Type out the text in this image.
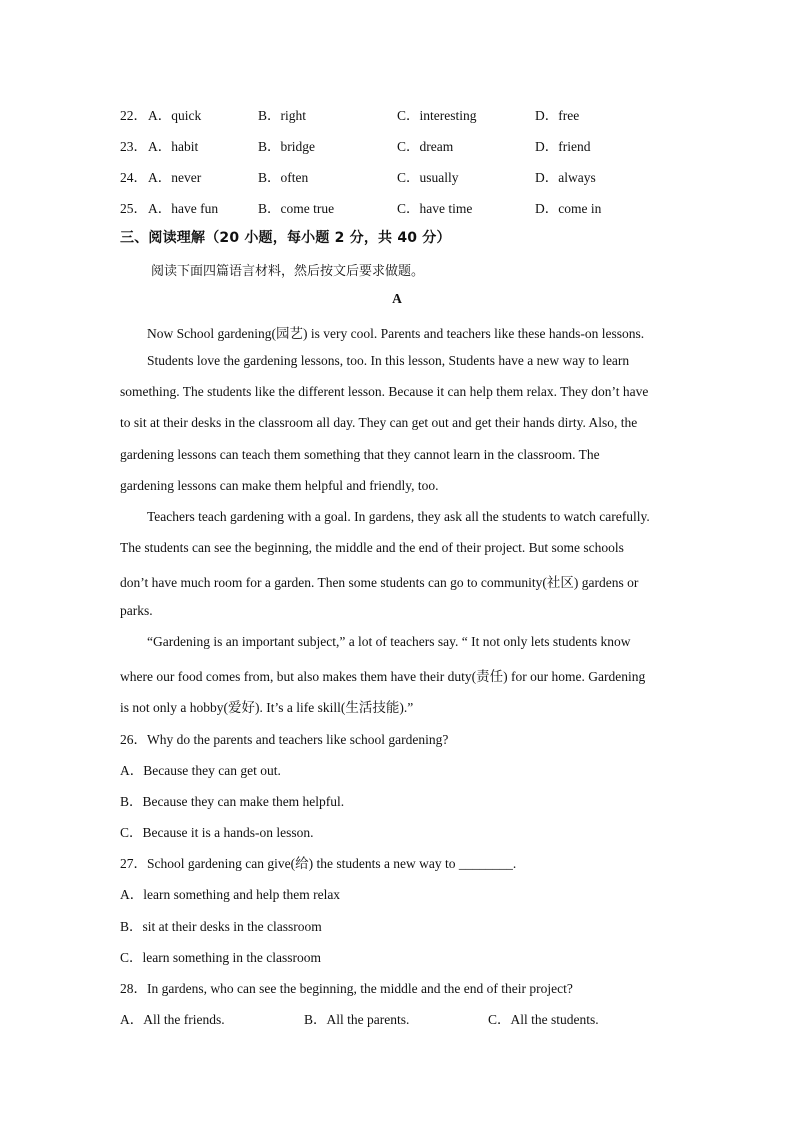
22． A．quick	B．right	C．interesting	D．free
23． A．habit	B．bridge	C．dream	D．friend
24． A．never	B．often	C．usually	D．always
25． A．have fun	B．come true	C．have time	D．come in
三、阅读理解（20 小题，每小题 2 分，共 40 分）
阅读下面四篇语言材料，然后按文后要求做题。
A
Now School gardening(园艺) is very cool. Parents and teachers like these hands-on lessons.
Students love the gardening lessons, too. In this lesson, Students have a new way to learn
something. The students like the different lesson. Because it can help them relax. They don’t have
to sit at their desks in the classroom all day. They can get out and get their hands dirty. Also, the
gardening lessons can teach them something that they cannot learn in the classroom. The
gardening lessons can make them helpful and friendly, too.
Teachers teach gardening with a goal. In gardens, they ask all the students to watch carefully.
The students can see the beginning, the middle and the end of their project. But some schools
don’t have much room for a garden. Then some students can go to community(社区) gardens or
parks.
“Gardening is an important subject,” a lot of teachers say. “ It not only lets students know
where our food comes from, but also makes them have their duty(责任) for our home. Gardening
is not only a hobby(爱好). It’s a life skill(生活技能).”
26．Why do the parents and teachers like school gardening?
A．Because they can get out.
B．Because they can make them helpful.
C．Because it is a hands-on lesson.
27．School gardening can give(给) the students a new way to ________.
A．learn something and help them relax
B．sit at their desks in the classroom
C．learn something in the classroom
28．In gardens, who can see the beginning, the middle and the end of their project?
A．All the friends.	B．All the parents.	C．All the students.
